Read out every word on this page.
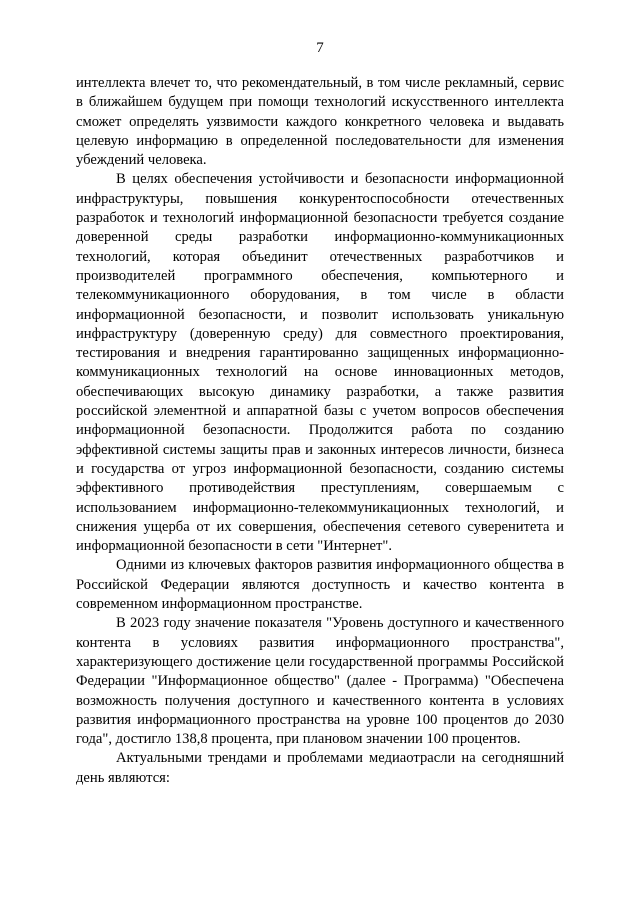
7

интеллекта влечет то, что рекомендательный, в том числе рекламный, сервис в ближайшем будущем при помощи технологий искусственного интеллекта сможет определять уязвимости каждого конкретного человека и выдавать целевую информацию в определенной последовательности для изменения убеждений человека.

В целях обеспечения устойчивости и безопасности информационной инфраструктуры, повышения конкурентоспособности отечественных разработок и технологий информационной безопасности требуется создание доверенной среды разработки информационно-коммуникационных технологий, которая объединит отечественных разработчиков и производителей программного обеспечения, компьютерного и телекоммуникационного оборудования, в том числе в области информационной безопасности, и позволит использовать уникальную инфраструктуру (доверенную среду) для совместного проектирования, тестирования и внедрения гарантированно защищенных информационно-коммуникационных технологий на основе инновационных методов, обеспечивающих высокую динамику разработки, а также развития российской элементной и аппаратной базы с учетом вопросов обеспечения информационной безопасности. Продолжится работа по созданию эффективной системы защиты прав и законных интересов личности, бизнеса и государства от угроз информационной безопасности, созданию системы эффективного противодействия преступлениям, совершаемым с использованием информационно-телекоммуникационных технологий, и снижения ущерба от их совершения, обеспечения сетевого суверенитета и информационной безопасности в сети "Интернет".

Одними из ключевых факторов развития информационного общества в Российской Федерации являются доступность и качество контента в современном информационном пространстве.

В 2023 году значение показателя "Уровень доступного и качественного контента в условиях развития информационного пространства", характеризующего достижение цели государственной программы Российской Федерации "Информационное общество" (далее - Программа) "Обеспечена возможность получения доступного и качественного контента в условиях развития информационного пространства на уровне 100 процентов до 2030 года", достигло 138,8 процента, при плановом значении 100 процентов.

Актуальными трендами и проблемами медиаотрасли на сегодняшний день являются:
